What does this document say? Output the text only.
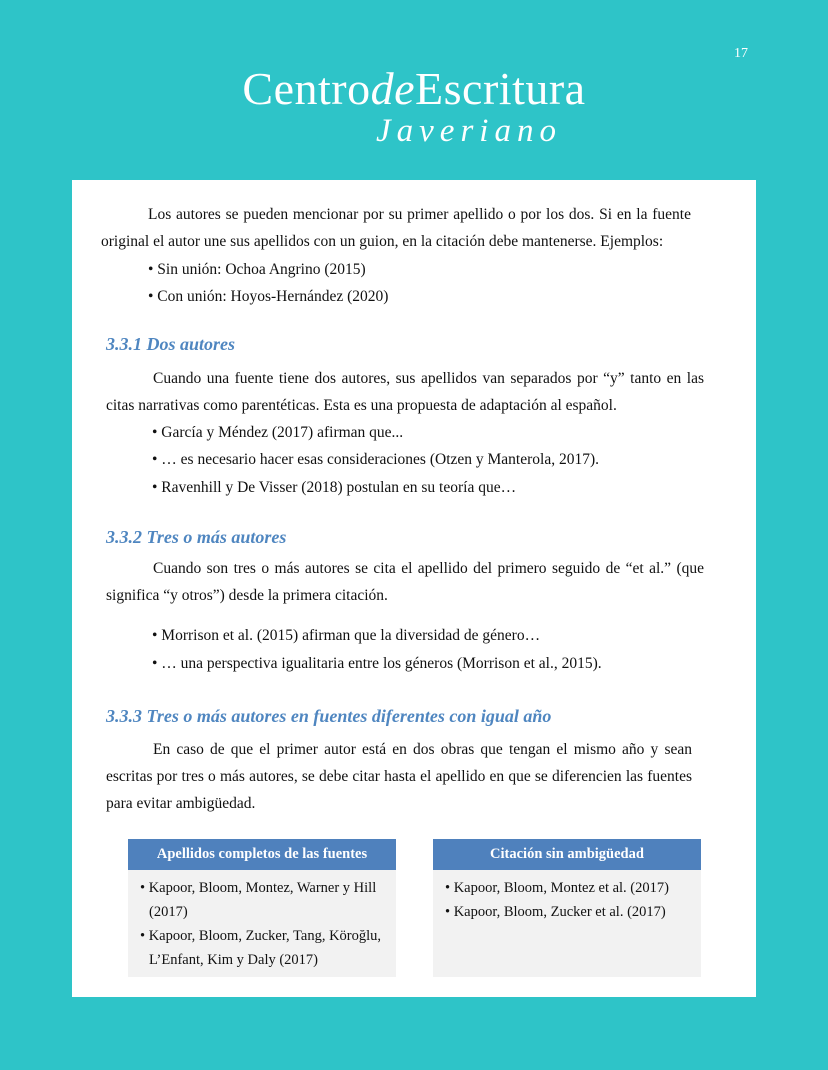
17
CentrodeEscritura
Javeriano

Los autores se pueden mencionar por su primer apellido o por los dos. Si en la fuente original el autor une sus apellidos con un guion, en la citación debe mantenerse. Ejemplos:

• Sin unión: Ochoa Angrino (2015)
• Con unión: Hoyos-Hernández (2020)
3.3.1 Dos autores

Cuando una fuente tiene dos autores, sus apellidos van separados por “y” tanto en las citas narrativas como parentéticas. Esta es una propuesta de adaptación al español.

• García y Méndez (2017) afirman que...
• … es necesario hacer esas consideraciones (Otzen y Manterola, 2017).
• Ravenhill y De Visser (2018) postulan en su teoría que…
3.3.2 Tres o más autores

Cuando son tres o más autores se cita el apellido del primero seguido de “et al.” (que significa “y otros”) desde la primera citación.

• Morrison et al. (2015) afirman que la diversidad de género…
• … una perspectiva igualitaria entre los géneros (Morrison et al., 2015).
3.3.3 Tres o más autores en fuentes diferentes con igual año

En caso de que el primer autor está en dos obras que tengan el mismo año y sean escritas por tres o más autores, se debe citar hasta el apellido en que se diferencien las fuentes para evitar ambigüedad.

Apellidos completos de las fuentes
• Kapoor, Bloom, Montez, Warner y Hill (2017)
• Kapoor, Bloom, Zucker, Tang, Köroğlu, L’Enfant, Kim y Daly (2017)
Citación sin ambigüedad
• Kapoor, Bloom, Montez et al. (2017)
• Kapoor, Bloom, Zucker et al. (2017)
